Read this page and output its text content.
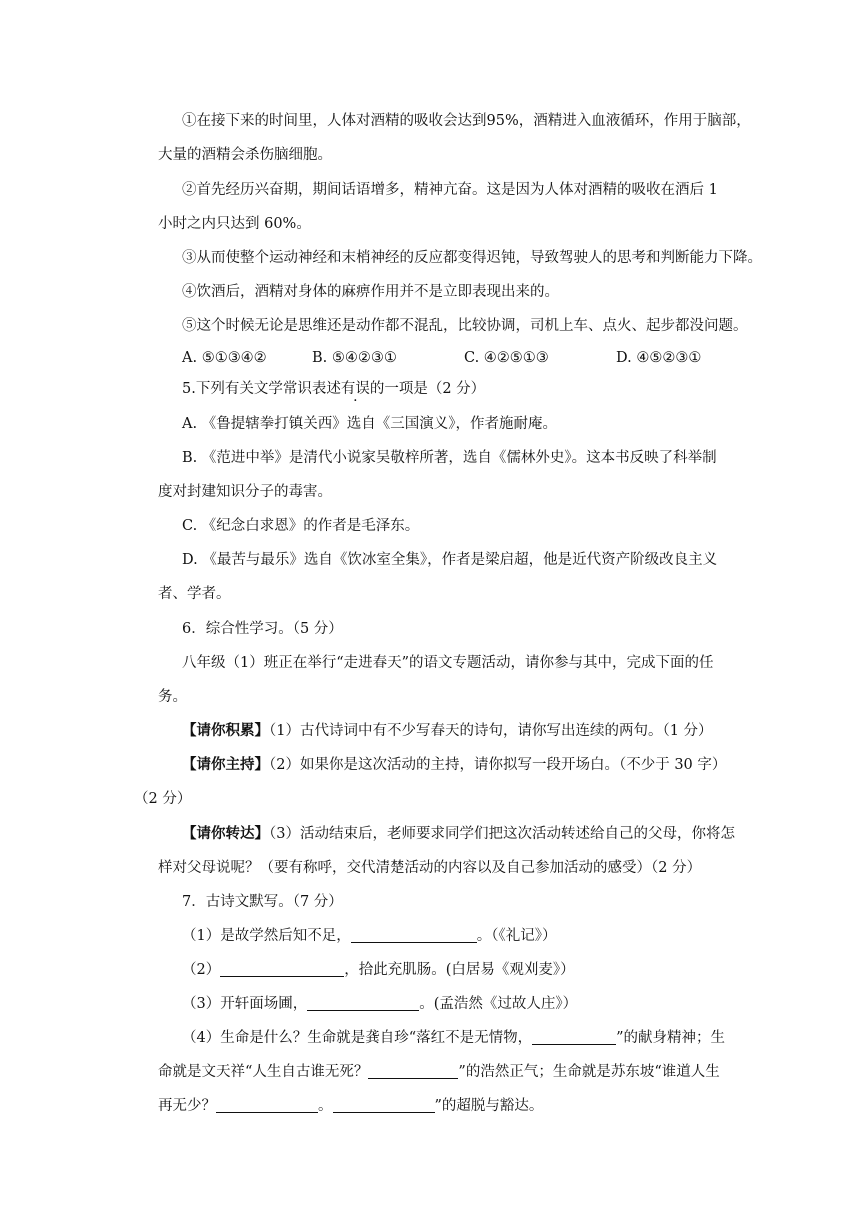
①在接下来的时间里，人体对酒精的吸收会达到95%，酒精进入血液循环，作用于脑部，
大量的酒精会杀伤脑细胞。
②首先经历兴奋期，期间话语增多，精神亢奋。这是因为人体对酒精的吸收在酒后 1
小时之内只达到 60%。
③从而使整个运动神经和末梢神经的反应都变得迟钝，导致驾驶人的思考和判断能力下降。
④饮酒后，酒精对身体的麻痹作用并不是立即表现出来的。
⑤这个时候无论是思维还是动作都不混乱，比较协调，司机上车、点火、起步都没问题。
A. ⑤①③④②	B. ⑤④②③①	C. ④②⑤①③	D. ④⑤②③①
5.下列有关文学常识表述有误的一项是（2 分）
A. 《鲁提辖拳打镇关西》选自《三国演义》，作者施耐庵。
B. 《范进中举》是清代小说家吴敬梓所著，选自《儒林外史》。这本书反映了科举制
度对封建知识分子的毒害。
C. 《纪念白求恩》的作者是毛泽东。
D. 《最苦与最乐》选自《饮冰室全集》，作者是梁启超，他是近代资产阶级改良主义
者、学者。
6．综合性学习。（5 分）
八年级（1）班正在举行“走进春天”的语文专题活动，请你参与其中，完成下面的任
务。
【请你积累】（1）古代诗词中有不少写春天的诗句，请你写出连续的两句。（1 分）
【请你主持】（2）如果你是这次活动的主持，请你拟写一段开场白。（不少于 30 字）
（2 分）
【请你转达】（3）活动结束后，老师要求同学们把这次活动转述给自己的父母，你将怎
样对父母说呢？（要有称呼，交代清楚活动的内容以及自己参加活动的感受）（2 分）
7．古诗文默写。（7 分）
（1）是故学然后知不足，	。（《礼记》）
（2）	，拾此充肌肠。(白居易《观刈麦》）
（3）开轩面场圃，	。(孟浩然《过故人庄》）
（4）生命是什么？生命就是龚自珍“落红不是无情物，	”的献身精神；生
命就是文天祥“人生自古谁无死？	”的浩然正气；生命就是苏东坡“谁道人生
再无少？	。	”的超脱与豁达。
